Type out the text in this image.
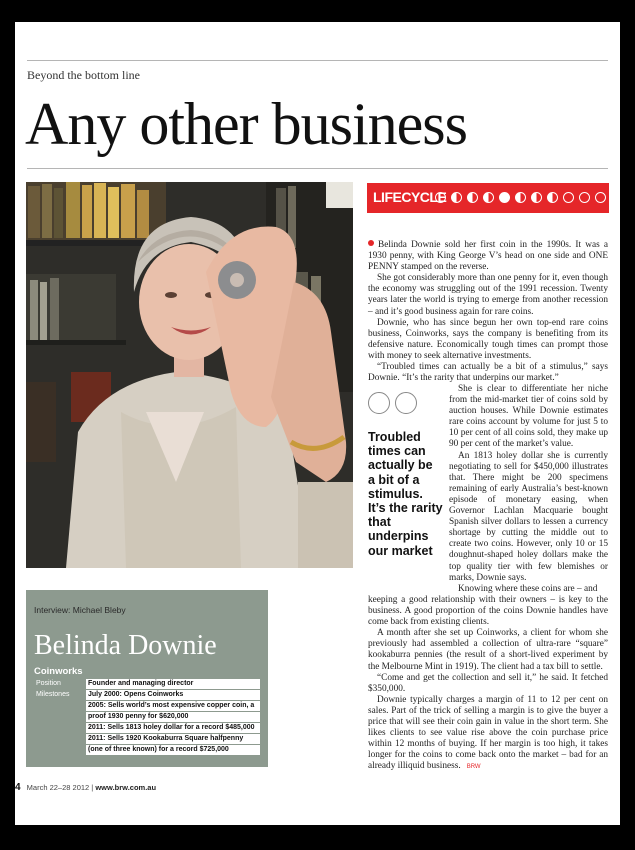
Beyond the bottom line
Any other business
LIFECYCLE

Belinda Downie sold her first coin in the 1990s. It was a 1930 penny, with King George V’s head on one side and ONE PENNY stamped on the reverse.

She got considerably more than one penny for it, even though the economy was struggling out of the 1991 recession. Twenty years later the world is trying to emerge from another recession – and it’s good business again for rare coins.

Downie, who has since begun her own top-end rare coins business, Coinworks, says the company is benefiting from its defensive nature. Economically tough times can prompt those with money to seek alternative investments.

“Troubled times can actually be a bit of a stimulus,” says Downie. “It’s the rarity that underpins our market.”

Troubled times can actually be a bit of a stimulus. It’s the rarity that underpins our market

She is clear to differentiate her niche from the mid-market tier of coins sold by auction houses. While Downie estimates rare coins account by volume for just 5 to 10 per cent of all coins sold, they make up 90 per cent of the market’s value.

An 1813 holey dollar she is currently negotiating to sell for $450,000 illustrates that. There might be 200 specimens remaining of early Australia’s best-known episode of monetary easing, when Governor Lachlan Macquarie bought Spanish silver dollars to lessen a currency shortage by cutting the middle out to create two coins. However, only 10 or 15 doughnut-shaped holey dollars make the top quality tier with few blemishes or marks, Downie says.

Knowing where these coins are – and

keeping a good relationship with their owners – is key to the business. A good proportion of the coins Downie handles have come back from existing clients.

A month after she set up Coinworks, a client for whom she previously had assembled a collection of ultra-rare “square” kookaburra pennies (the result of a short-lived experiment by the Melbourne Mint in 1919). The client had a tax bill to settle.

“Come and get the collection and sell it,” he said. It fetched $350,000.

Downie typically charges a margin of 11 to 12 per cent on sales. Part of the trick of selling a margin is to give the buyer a price that will see their coin gain in value in the short term. She likes clients to see value rise above the coin purchase price within 12 months of buying. If her margin is too high, it takes longer for the coins to come back onto the market – bad for an already illiquid business. BRW

Interview: Michael Bleby
Belinda Downie
Coinworks
Position	Founder and managing director
Milestones	July 2000: Opens Coinworks
	2005: Sells world’s most expensive copper coin, a
	proof 1930 penny for $620,000
	2011: Sells 1813 holey dollar for a record $485,000
	2011: Sells 1920 Kookaburra Square halfpenny
	(one of three known) for a record $725,000
4 March 22–28 2012 | www.brw.com.au
